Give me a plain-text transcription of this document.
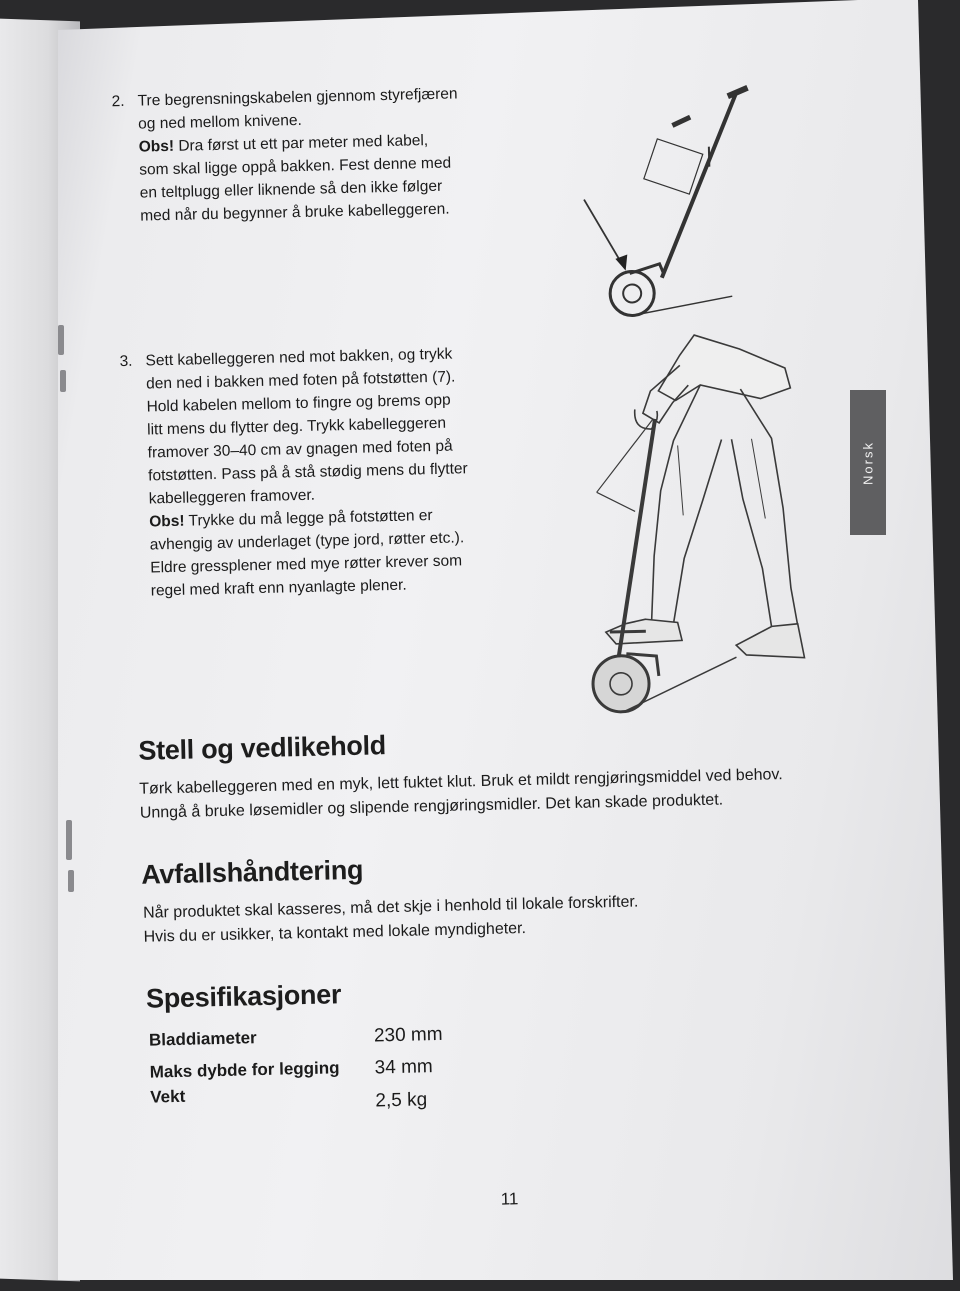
2. Tre begrensningskabelen gjennom styrefjæren
og ned mellom knivene.
Obs! Dra først ut ett par meter med kabel,
som skal ligge oppå bakken. Fest denne med
en teltplugg eller liknende så den ikke følger
med når du begynner å bruke kabelleggeren.
3. Sett kabelleggeren ned mot bakken, og trykk
den ned i bakken med foten på fotstøtten (7).
Hold kabelen mellom to fingre og brems opp
litt mens du flytter deg. Trykk kabelleggeren
framover 30–40 cm av gnagen med foten på
fotstøtten. Pass på å stå stødig mens du flytter
kabelleggeren framover.
Obs! Trykke du må legge på fotstøtten er
avhengig av underlaget (type jord, røtter etc.).
Eldre gressplener med mye røtter krever som
regel med kraft enn nyanlagte plener.
Stell og vedlikehold
Tørk kabelleggeren med en myk, lett fuktet klut. Bruk et mildt rengjøringsmiddel ved behov.
Unngå å bruke løsemidler og slipende rengjøringsmidler. Det kan skade produktet.
Avfallshåndtering
Når produktet skal kasseres, må det skje i henhold til lokale forskrifter.
Hvis du er usikker, ta kontakt med lokale myndigheter.
Spesifikasjoner
Bladdiameter	230 mm
Maks dybde for legging 34 mm
Vekt	2,5 kg
11
Norsk
